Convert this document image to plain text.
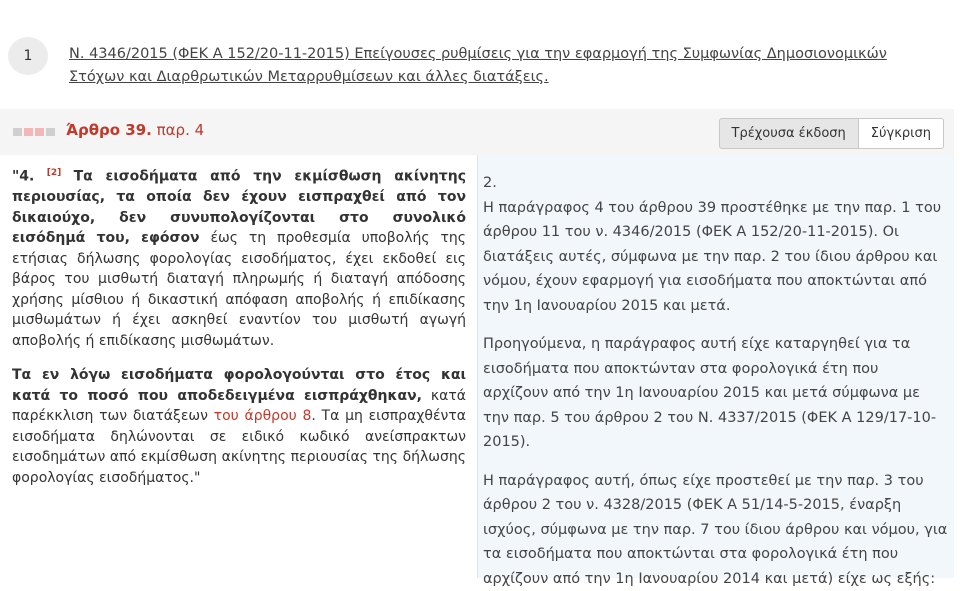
1	Ν. 4346/2015 (ΦΕΚ Α 152/20-11-2015) Επείγουσες ρυθμίσεις για την εφαρμογή της Συμφωνίας Δημοσιονομικών Στόχων και Διαρθρωτικών Μεταρρυθμίσεων και άλλες διατάξεις.
Άρθρο 39. παρ. 4	Τρέχουσα έκδοση	Σύγκριση

"4. [2] Τα εισοδήματα από την εκμίσθωση ακίνητης περιουσίας, τα οποία δεν έχουν εισπραχθεί από τον δικαιούχο, δεν συνυπολογίζονται στο συνολικό εισόδημά του, εφόσον έως τη προθεσμία υποβολής της ετήσιας δήλωσης φορολογίας εισοδήματος, έχει εκδοθεί εις βάρος του μισθωτή διαταγή πληρωμής ή διαταγή απόδοσης χρήσης μίσθιου ή δικαστική απόφαση αποβολής ή επιδίκασης μισθωμάτων ή έχει ασκηθεί εναντίον του μισθωτή αγωγή αποβολής ή επιδίκασης μισθωμάτων.

Τα εν λόγω εισοδήματα φορολογούνται στο έτος και κατά το ποσό που αποδεδειγμένα εισπράχθηκαν, κατά παρέκκλιση των διατάξεων του άρθρου 8. Τα μη εισπραχθέντα εισοδήματα δηλώνονται σε ειδικό κωδικό ανείσπρακτων εισοδημάτων από εκμίσθωση ακίνητης περιουσίας της δήλωσης φορολογίας εισοδήματος."

2.

Η παράγραφος 4 του άρθρου 39 προστέθηκε με την παρ. 1 του άρθρου 11 του ν. 4346/2015 (ΦΕΚ Α 152/20-11-2015). Οι διατάξεις αυτές, σύμφωνα με την παρ. 2 του ίδιου άρθρου και νόμου, έχουν εφαρμογή για εισοδήματα που αποκτώνται από την 1η Ιανουαρίου 2015 και μετά.

Προηγούμενα, η παράγραφος αυτή είχε καταργηθεί για τα εισοδήματα που αποκτώνταν στα φορολογικά έτη που αρχίζουν από την 1η Ιανουαρίου 2015 και μετά σύμφωνα με την παρ. 5 του άρθρου 2 του Ν. 4337/2015 (ΦΕΚ Α 129/17-10-2015).

Η παράγραφος αυτή, όπως είχε προστεθεί με την παρ. 3 του άρθρου 2 του ν. 4328/2015 (ΦΕΚ Α 51/14-5-2015, έναρξη ισχύος, σύμφωνα με την παρ. 7 του ίδιου άρθρου και νόμου, για τα εισοδήματα που αποκτώνται στα φορολογικά έτη που αρχίζουν από την 1η Ιανουαρίου 2014 και μετά) είχε ως εξής:
